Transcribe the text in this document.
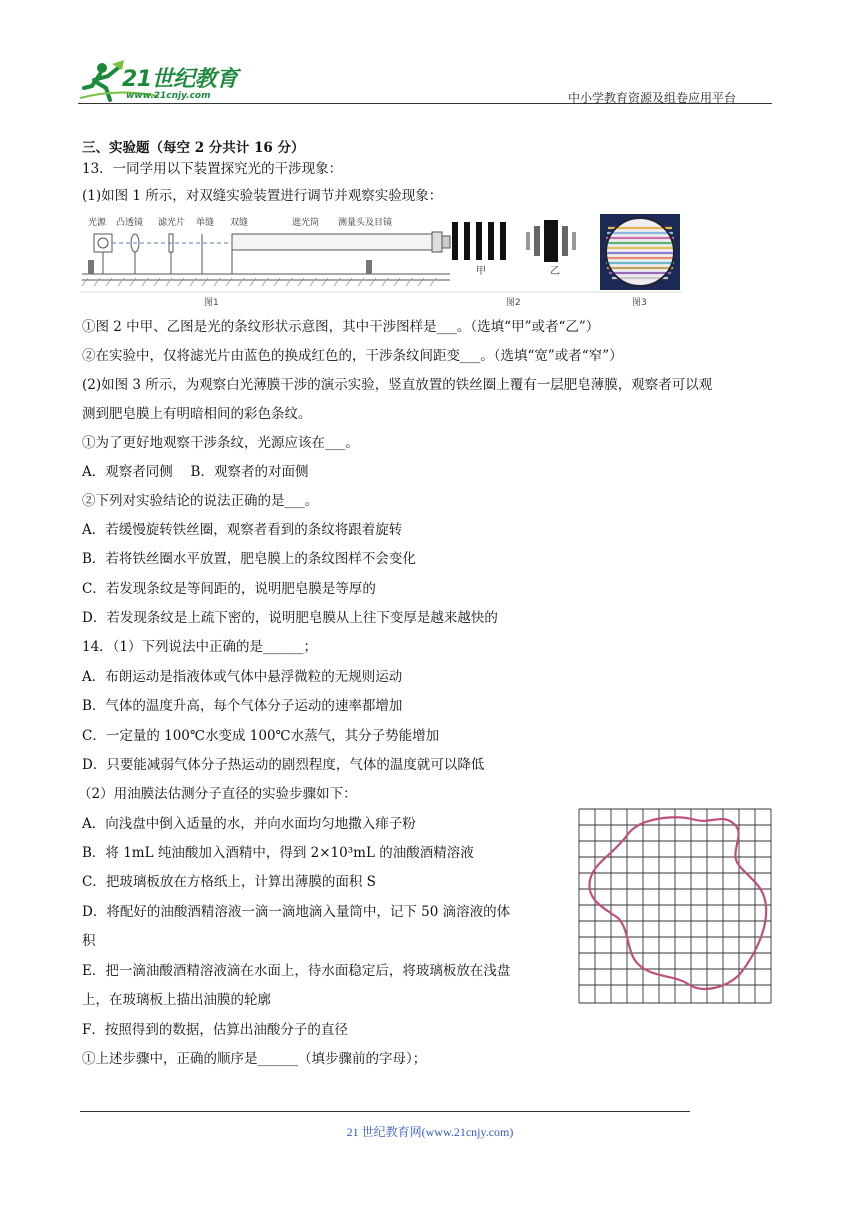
21世纪教育
www.21cnjy.com	中小学教育资源及组卷应用平台
三、实验题（每空 2 分共计 16 分）
13．一同学用以下装置探究光的干涉现象：
(1)如图 1 所示，对双缝实验装置进行调节并观察实验现象：
光源 凸透镜 滤光片 单缝 双缝	遮光筒 测量头及目镜
甲	乙
图1	图2	图3
①图 2 中甲、乙图是光的条纹形状示意图，其中干涉图样是___。（选填“甲”或者“乙”）
②在实验中，仅将滤光片由蓝色的换成红色的，干涉条纹间距变___。（选填“宽”或者“窄”）
(2)如图 3 所示，为观察白光薄膜干涉的演示实验，竖直放置的铁丝圈上覆有一层肥皂薄膜，观察者可以观
测到肥皂膜上有明暗相间的彩色条纹。
①为了更好地观察干涉条纹，光源应该在___。
A．观察者同侧　 B．观察者的对面侧
②下列对实验结论的说法正确的是___。
A．若缓慢旋转铁丝圈，观察者看到的条纹将跟着旋转
B．若将铁丝圈水平放置，肥皂膜上的条纹图样不会变化
C．若发现条纹是等间距的，说明肥皂膜是等厚的
D．若发现条纹是上疏下密的，说明肥皂膜从上往下变厚是越来越快的
14．（1）下列说法中正确的是______；
A．布朗运动是指液体或气体中悬浮微粒的无规则运动
B．气体的温度升高，每个气体分子运动的速率都增加
C．一定量的 100℃水变成 100℃水蒸气，其分子势能增加
D．只要能减弱气体分子热运动的剧烈程度，气体的温度就可以降低
（2）用油膜法估测分子直径的实验步骤如下：
A．向浅盘中倒入适量的水，并向水面均匀地撒入痱子粉
B．将 1mL 纯油酸加入酒精中，得到 2×10³mL 的油酸酒精溶液
C．把玻璃板放在方格纸上，计算出薄膜的面积 S
D．将配好的油酸酒精溶液一滴一滴地滴入量筒中，记下 50 滴溶液的体
积
E．把一滴油酸酒精溶液滴在水面上，待水面稳定后，将玻璃板放在浅盘
上，在玻璃板上描出油膜的轮廓
F．按照得到的数据，估算出油酸分子的直径
①上述步骤中，正确的顺序是______（填步骤前的字母）；
21 世纪教育网(www.21cnjy.com)
